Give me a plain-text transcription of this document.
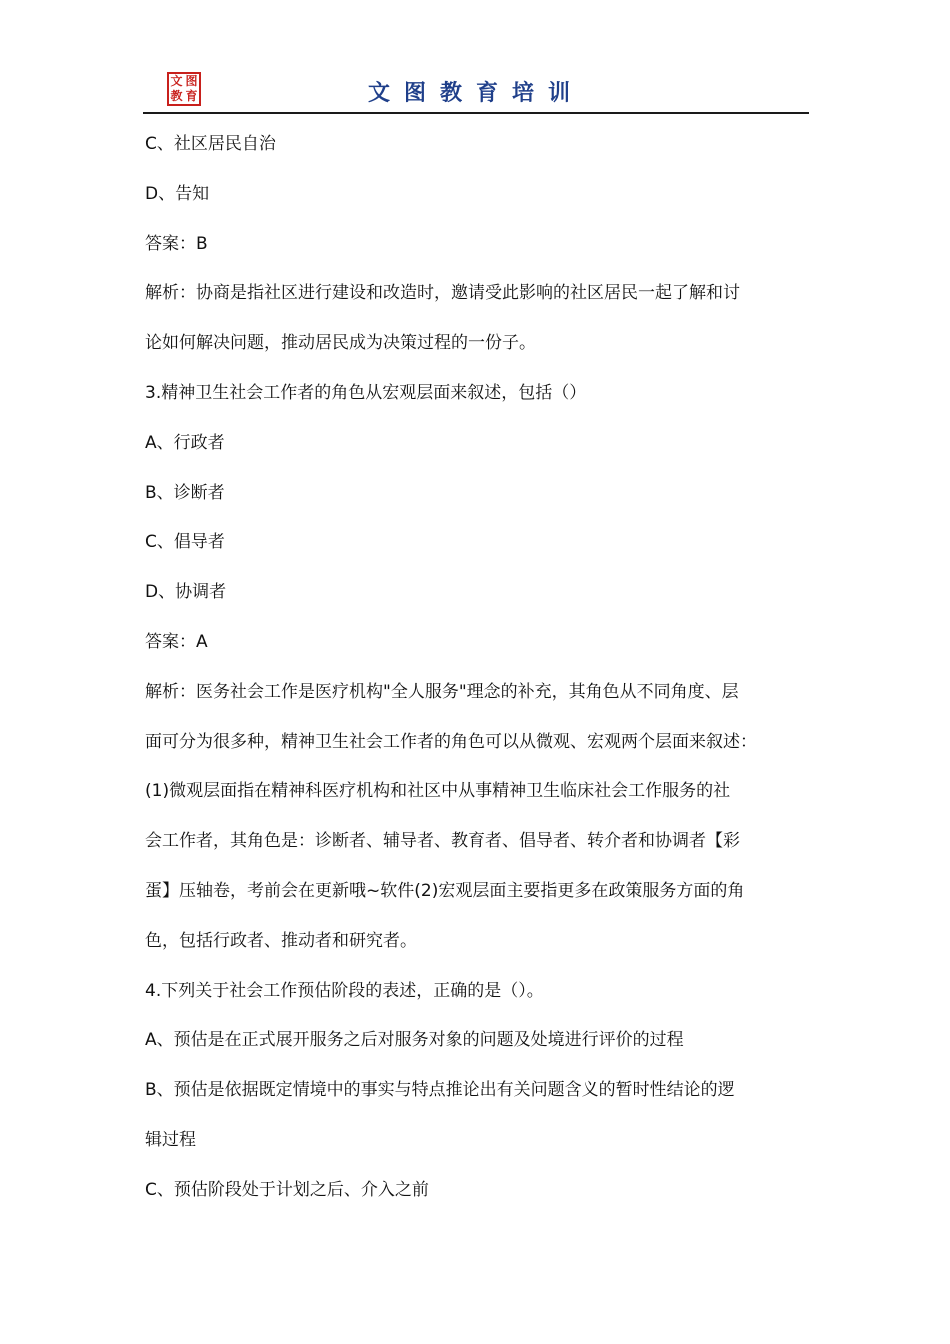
文 图
教 育	文图教育培训
C、社区居民自治
D、告知
答案：B
解析：协商是指社区进行建设和改造时，邀请受此影响的社区居民一起了解和讨
论如何解决问题，推动居民成为决策过程的一份子。
3.精神卫生社会工作者的角色从宏观层面来叙述，包括（）
A、行政者
B、诊断者
C、倡导者
D、协调者
答案：A
解析：医务社会工作是医疗机构"全人服务"理念的补充，其角色从不同角度、层
面可分为很多种，精神卫生社会工作者的角色可以从微观、宏观两个层面来叙述：
(1)微观层面指在精神科医疗机构和社区中从事精神卫生临床社会工作服务的社
会工作者，其角色是：诊断者、辅导者、教育者、倡导者、转介者和协调者【彩
蛋】压轴卷，考前会在更新哦~软件(2)宏观层面主要指更多在政策服务方面的角
色，包括行政者、推动者和研究者。
4.下列关于社会工作预估阶段的表述，正确的是（）。
A、预估是在正式展开服务之后对服务对象的问题及处境进行评价的过程
B、预估是依据既定情境中的事实与特点推论出有关问题含义的暂时性结论的逻
辑过程
C、预估阶段处于计划之后、介入之前
